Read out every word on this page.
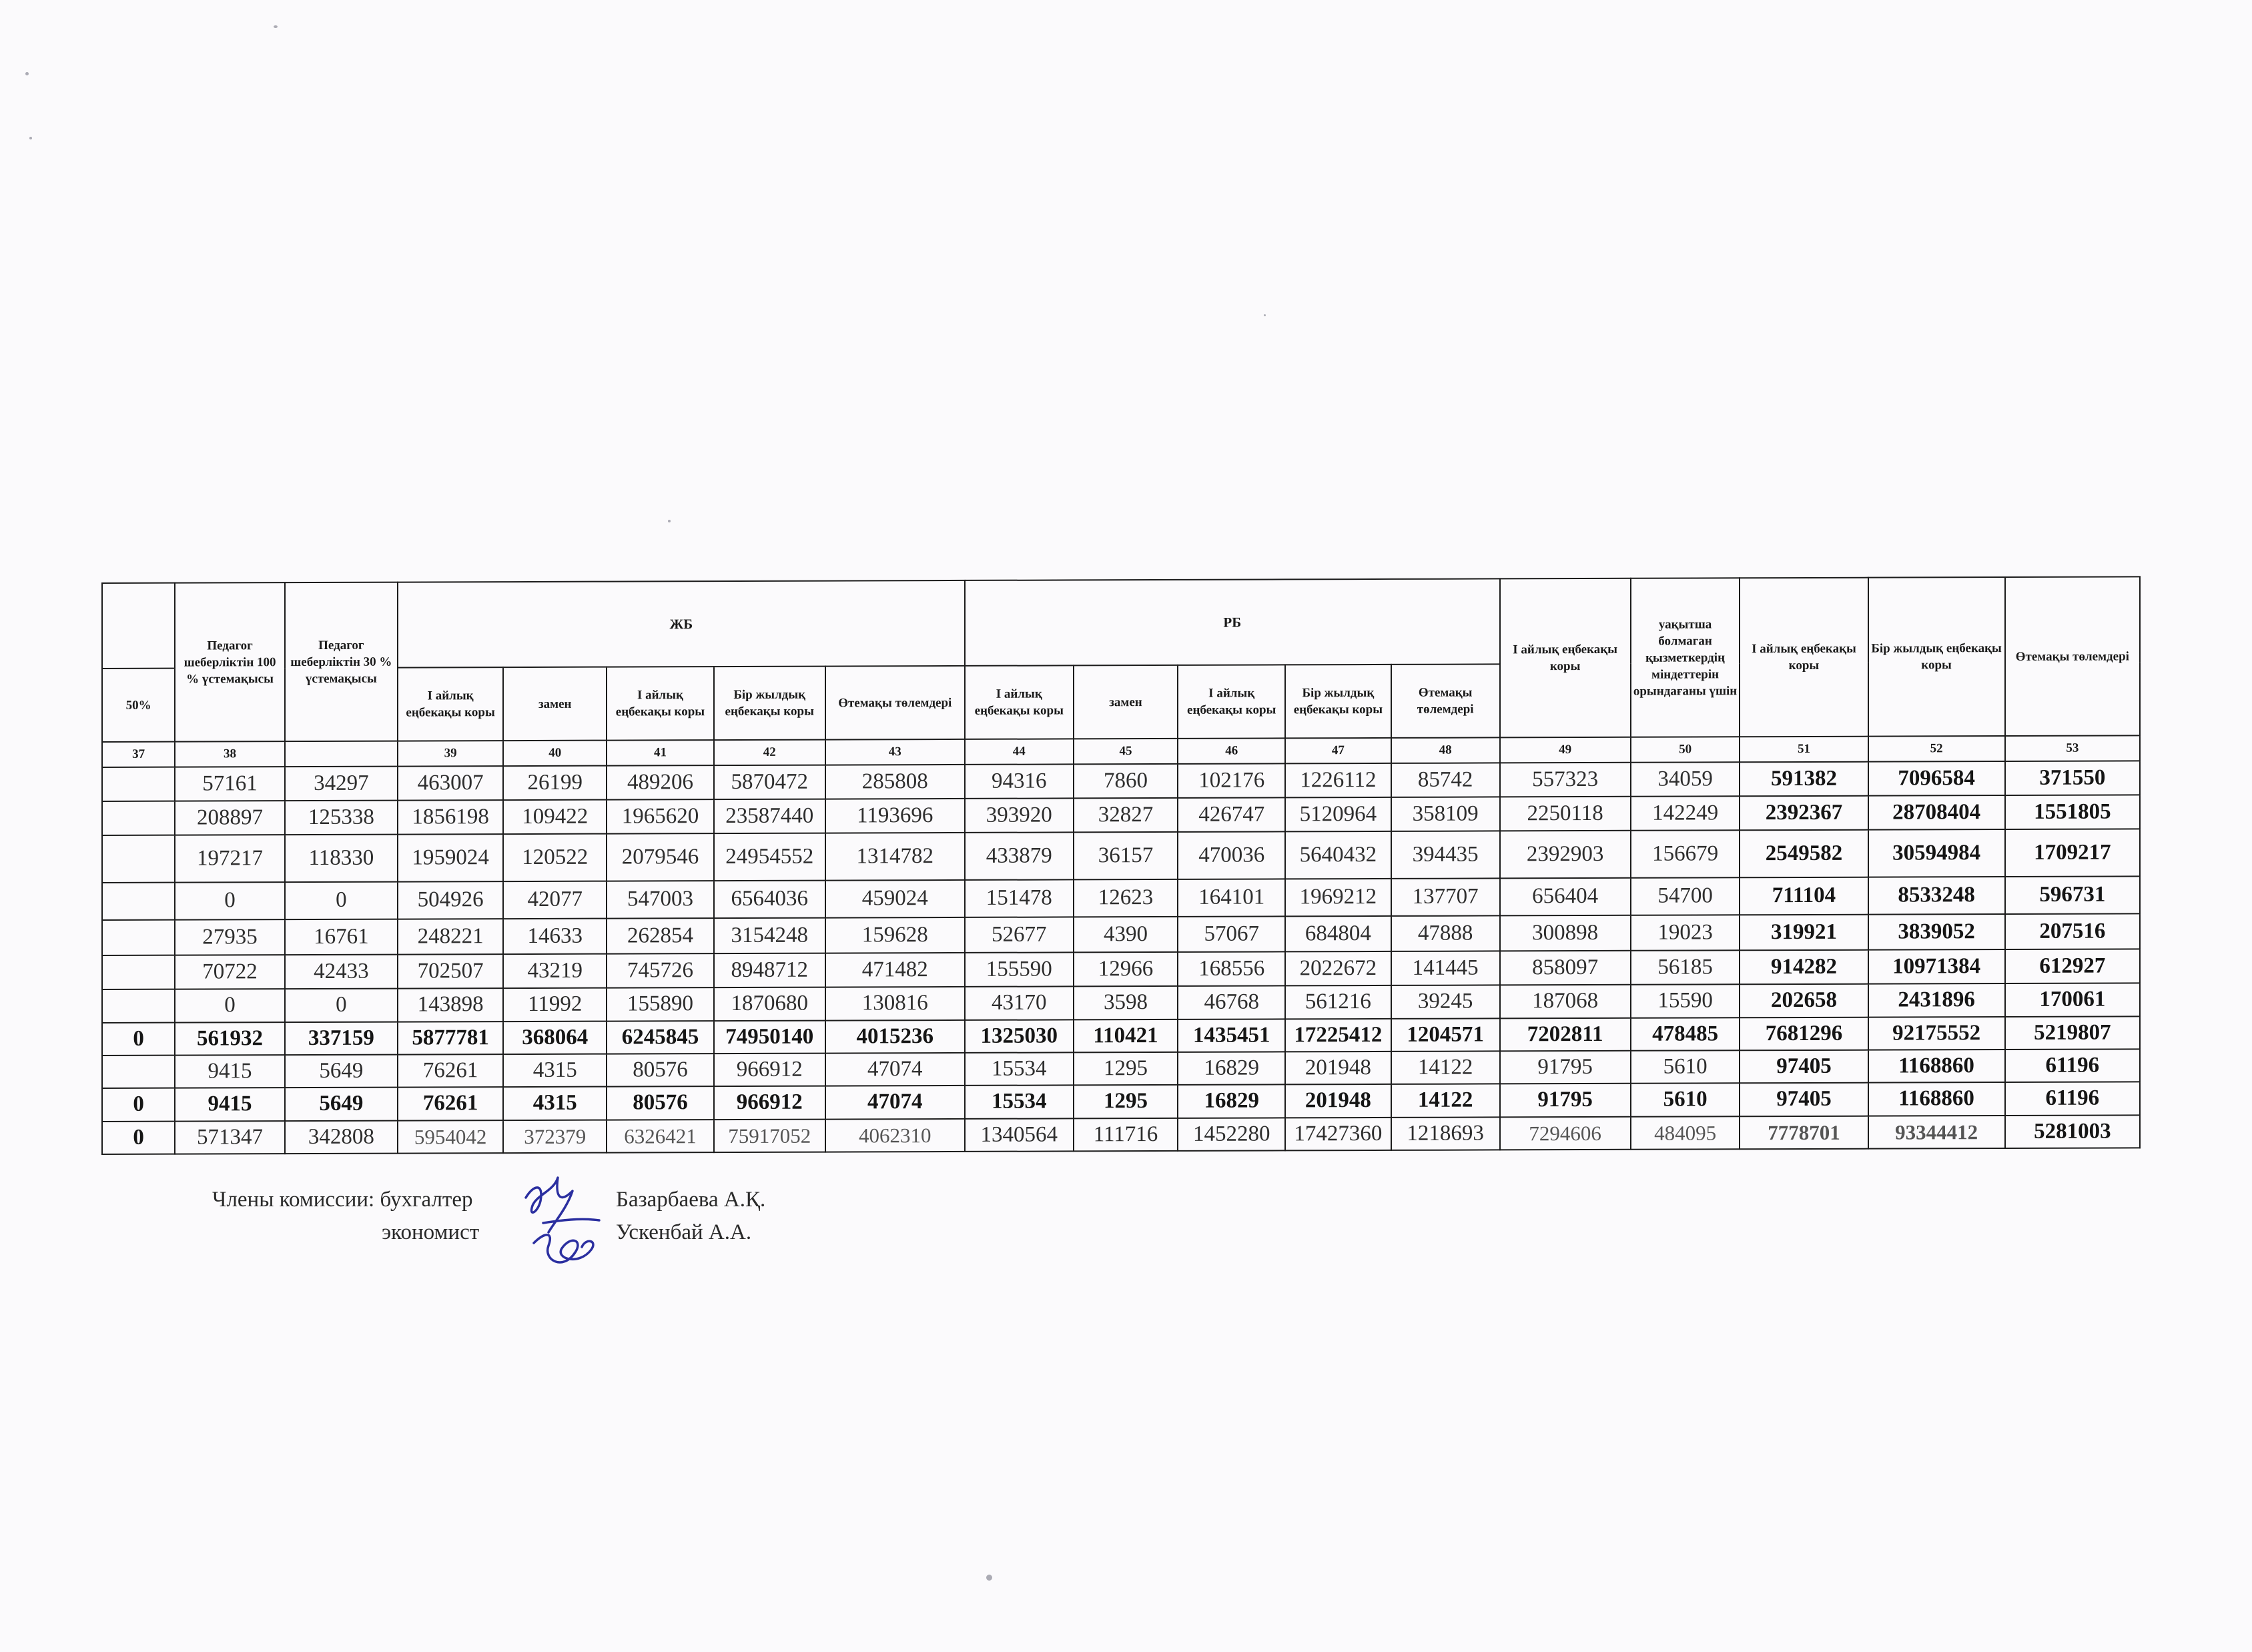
	Педагог шеберліктін 100 % үстемақысы	Педагог шеберліктін 30 % үстемақысы	ЖБ					РБ					I айлық еңбекақы коры	уақытша болмаган қызметкердің міндеттерін орындағаны үшін	I айлық еңбекақы коры	Бір жылдық еңбекақы коры	Өтемақы төлемдері
50%			I айлық еңбекақы коры	замен	I айлық еңбекақы коры	Бір жылдық еңбекақы коры	Өтемақы төлемдері	I айлық еңбекақы коры	замен	I айлық еңбекақы коры	Бір жылдық еңбекақы коры	Өтемақы төлемдері					
37	38		39	40	41	42	43	44	45	46	47	48	49	50	51	52	53
	57161	34297	463007	26199	489206	5870472	285808	94316	7860	102176	1226112	85742	557323	34059	591382	7096584	371550
	208897	125338	1856198	109422	1965620	23587440	1193696	393920	32827	426747	5120964	358109	2250118	142249	2392367	28708404	1551805
	197217	118330	1959024	120522	2079546	24954552	1314782	433879	36157	470036	5640432	394435	2392903	156679	2549582	30594984	1709217
	0	0	504926	42077	547003	6564036	459024	151478	12623	164101	1969212	137707	656404	54700	711104	8533248	596731
	27935	16761	248221	14633	262854	3154248	159628	52677	4390	57067	684804	47888	300898	19023	319921	3839052	207516
	70722	42433	702507	43219	745726	8948712	471482	155590	12966	168556	2022672	141445	858097	56185	914282	10971384	612927
	0	0	143898	11992	155890	1870680	130816	43170	3598	46768	561216	39245	187068	15590	202658	2431896	170061
0	561932	337159	5877781	368064	6245845	74950140	4015236	1325030	110421	1435451	17225412	1204571	7202811	478485	7681296	92175552	5219807
	9415	5649	76261	4315	80576	966912	47074	15534	1295	16829	201948	14122	91795	5610	97405	1168860	61196
0	9415	5649	76261	4315	80576	966912	47074	15534	1295	16829	201948	14122	91795	5610	97405	1168860	61196
0	571347	342808	5954042	372379	6326421	75917052	4062310	1340564	111716	1452280	17427360	1218693	7294606	484095	7778701	93344412	5281003
Члены комиссии: бухгалтер	Базарбаева А.Қ.
экономист	Ускенбай А.А.
